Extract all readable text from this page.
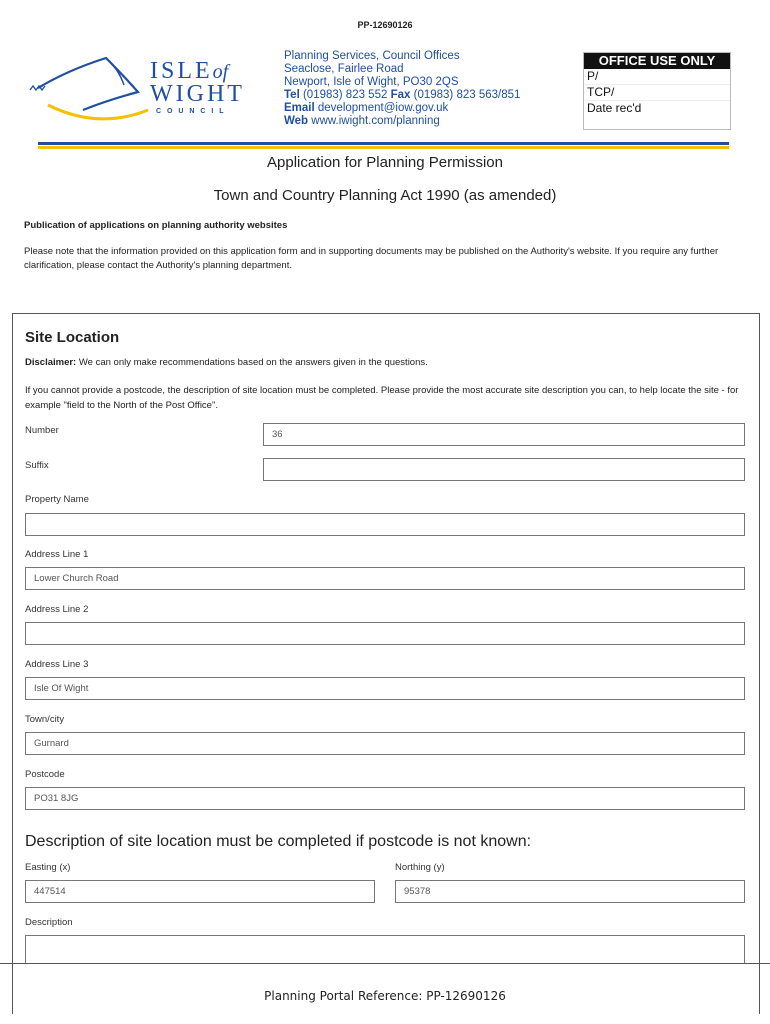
PP-12690126
ISLEof
WIGHT
C O U N C I L
Planning Services, Council Offices
Seaclose, Fairlee Road
Newport, Isle of Wight, PO30 2QS
Tel (01983) 823 552 Fax (01983) 823 563/851
Email development@iow.gov.uk
Web www.iwight.com/planning
OFFICE USE ONLY
P/
TCP/
Date rec'd
Application for Planning Permission
Town and Country Planning Act 1990 (as amended)
Publication of applications on planning authority websites
Please note that the information provided on this application form and in supporting documents may be published on the Authority's website. If you require any further clarification, please contact the Authority's planning department.
Site Location
Disclaimer: We can only make recommendations based on the answers given in the questions.
If you cannot provide a postcode, the description of site location must be completed. Please provide the most accurate site description you can, to help locate the site - for example "field to the North of the Post Office".
Number	36
Suffix
Property Name
Address Line 1
Lower Church Road
Address Line 2
Address Line 3
Isle Of Wight
Town/city
Gurnard
Postcode
PO31 8JG
Description of site location must be completed if postcode is not known:
Easting (x)
447514
Northing (y)
95378
Description
Planning Portal Reference: PP-12690126
